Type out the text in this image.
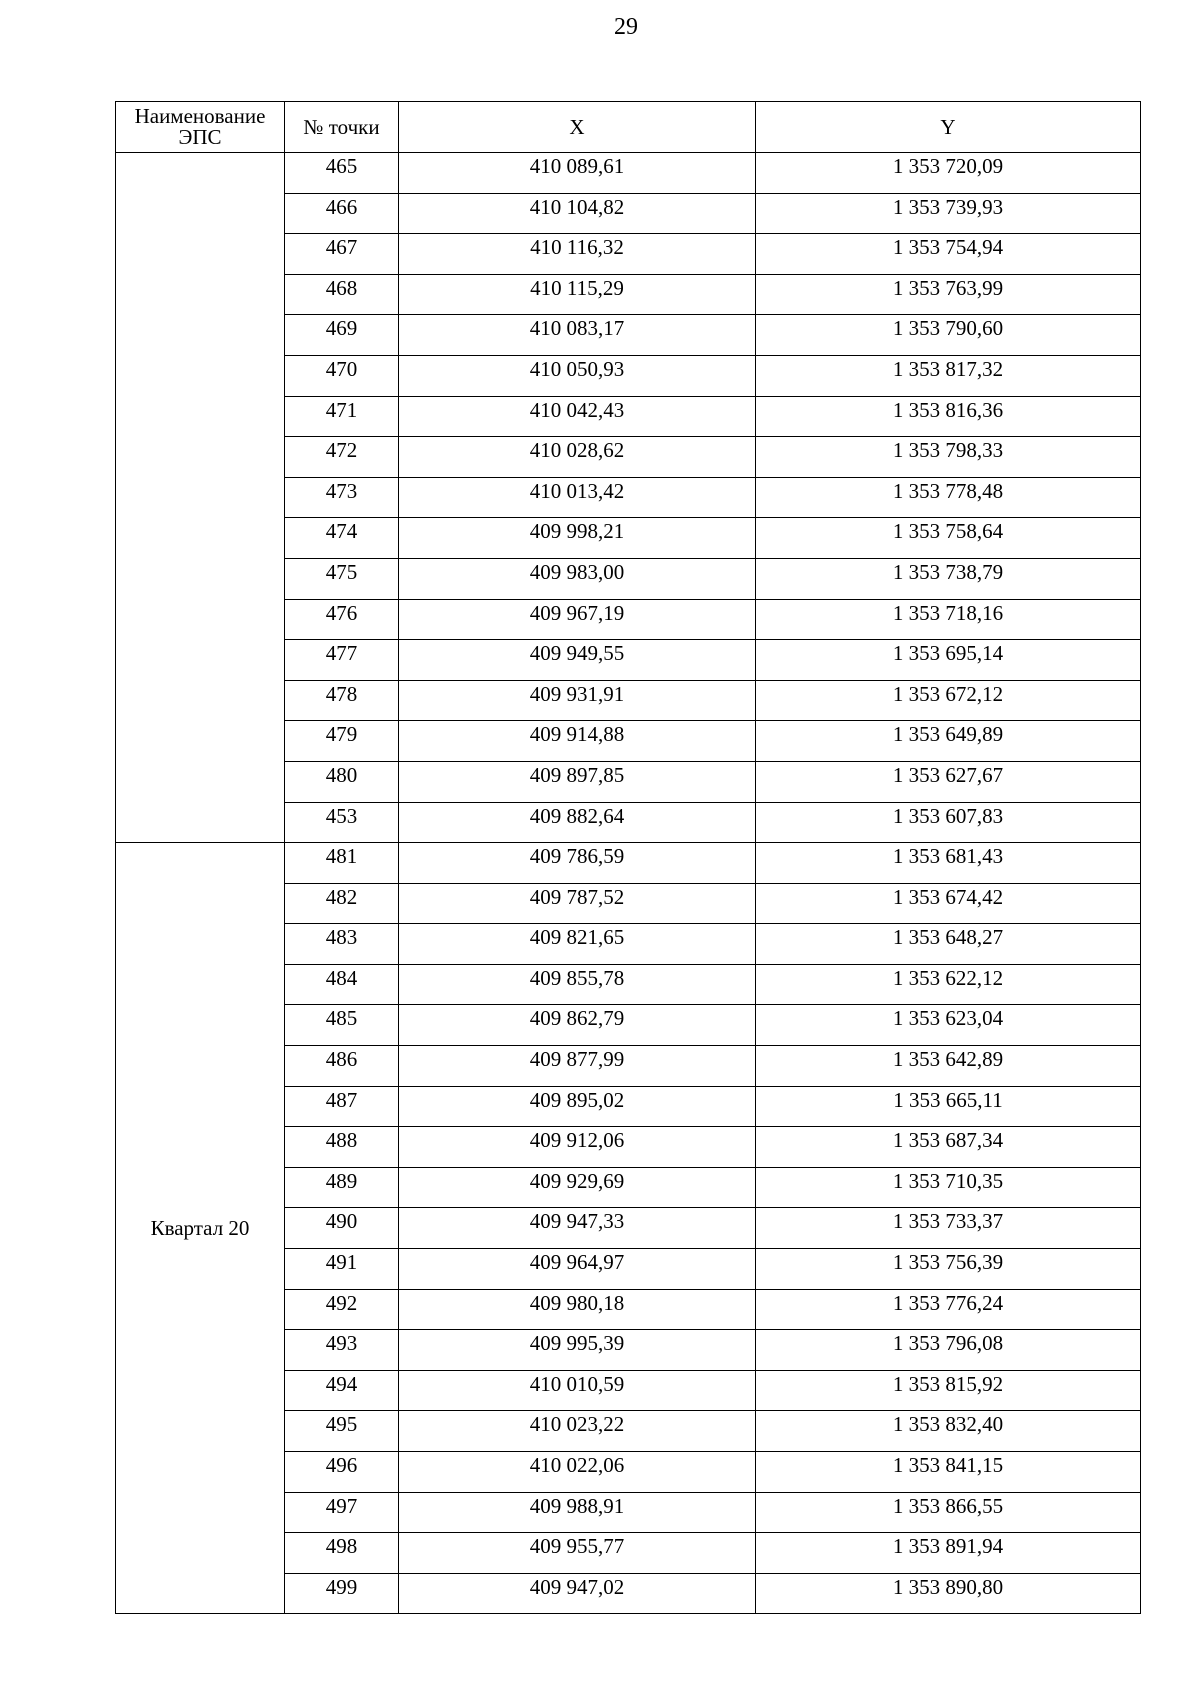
29
Наименование ЭПС	№ точки	X	Y
	465	410 089,61	1 353 720,09
	466	410 104,82	1 353 739,93
	467	410 116,32	1 353 754,94
	468	410 115,29	1 353 763,99
	469	410 083,17	1 353 790,60
	470	410 050,93	1 353 817,32
	471	410 042,43	1 353 816,36
	472	410 028,62	1 353 798,33
	473	410 013,42	1 353 778,48
	474	409 998,21	1 353 758,64
	475	409 983,00	1 353 738,79
	476	409 967,19	1 353 718,16
	477	409 949,55	1 353 695,14
	478	409 931,91	1 353 672,12
	479	409 914,88	1 353 649,89
	480	409 897,85	1 353 627,67
	453	409 882,64	1 353 607,83
Квартал 20	481	409 786,59	1 353 681,43
	482	409 787,52	1 353 674,42
	483	409 821,65	1 353 648,27
	484	409 855,78	1 353 622,12
	485	409 862,79	1 353 623,04
	486	409 877,99	1 353 642,89
	487	409 895,02	1 353 665,11
	488	409 912,06	1 353 687,34
	489	409 929,69	1 353 710,35
	490	409 947,33	1 353 733,37
	491	409 964,97	1 353 756,39
	492	409 980,18	1 353 776,24
	493	409 995,39	1 353 796,08
	494	410 010,59	1 353 815,92
	495	410 023,22	1 353 832,40
	496	410 022,06	1 353 841,15
	497	409 988,91	1 353 866,55
	498	409 955,77	1 353 891,94
	499	409 947,02	1 353 890,80
